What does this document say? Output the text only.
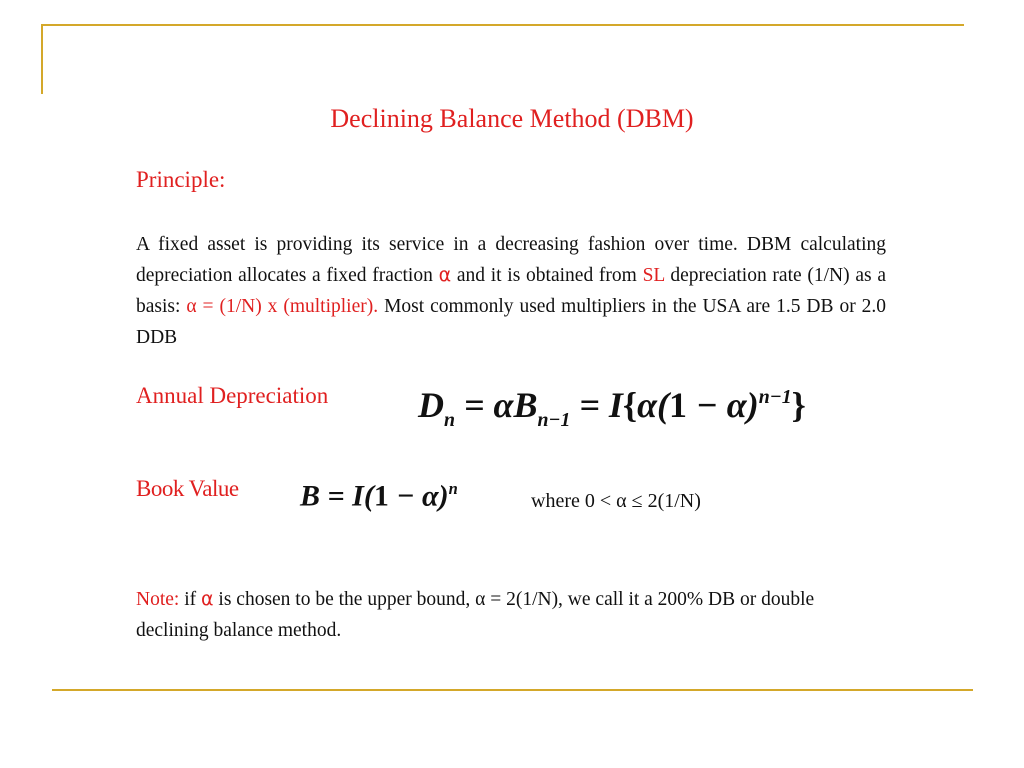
Declining Balance Method (DBM)
Principle:
A fixed asset is providing its service in a decreasing fashion over time. DBM calculating depreciation allocates a fixed fraction α and it is obtained from SL depreciation rate (1/N) as a basis: α = (1/N) x (multiplier). Most commonly used multipliers in the USA are 1.5 DB or 2.0 DDB
Annual Depreciation $D_n = \alpha B_{n-1} = I\{\alpha(1 - \alpha)^{n-1}\}$
Book Value $B = I(1 - \alpha)^n$
where 0 < α ≤ 2(1/N)
Note: if α is chosen to be the upper bound, α = 2(1/N), we call it a 200% DB or double declining balance method.
